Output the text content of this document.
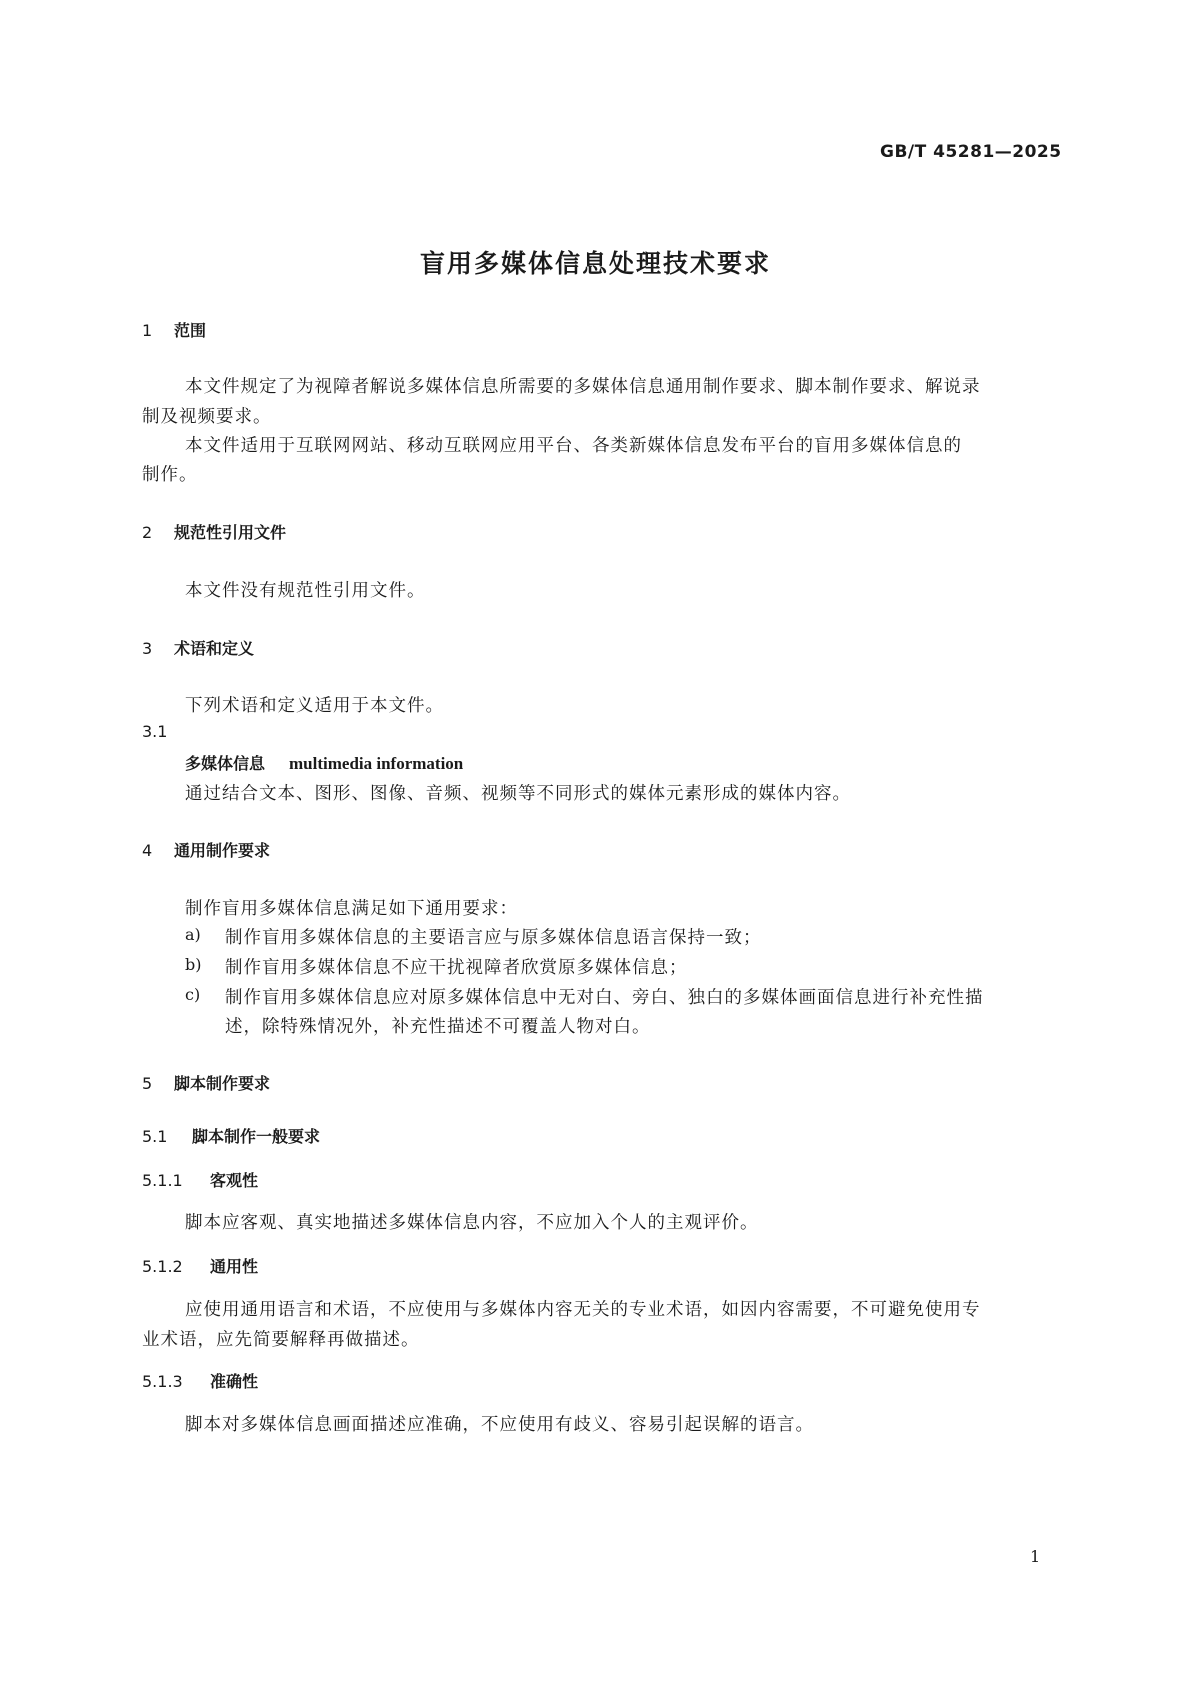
GB/T 45281—2025
盲用多媒体信息处理技术要求
1 范围
本文件规定了为视障者解说多媒体信息所需要的多媒体信息通用制作要求、脚本制作要求、解说录
制及视频要求。
本文件适用于互联网网站、移动互联网应用平台、各类新媒体信息发布平台的盲用多媒体信息的
制作。
2 规范性引用文件
本文件没有规范性引用文件。
3 术语和定义
下列术语和定义适用于本文件。
3.1
多媒体信息 multimedia information
通过结合文本、图形、图像、音频、视频等不同形式的媒体元素形成的媒体内容。
4 通用制作要求
制作盲用多媒体信息满足如下通用要求：
a) 制作盲用多媒体信息的主要语言应与原多媒体信息语言保持一致；
b) 制作盲用多媒体信息不应干扰视障者欣赏原多媒体信息；
c) 制作盲用多媒体信息应对原多媒体信息中无对白、旁白、独白的多媒体画面信息进行补充性描
述，除特殊情况外，补充性描述不可覆盖人物对白。
5 脚本制作要求
5.1 脚本制作一般要求
5.1.1 客观性
脚本应客观、真实地描述多媒体信息内容，不应加入个人的主观评价。
5.1.2 通用性
应使用通用语言和术语，不应使用与多媒体内容无关的专业术语，如因内容需要，不可避免使用专
业术语，应先简要解释再做描述。
5.1.3 准确性
脚本对多媒体信息画面描述应准确，不应使用有歧义、容易引起误解的语言。
1
